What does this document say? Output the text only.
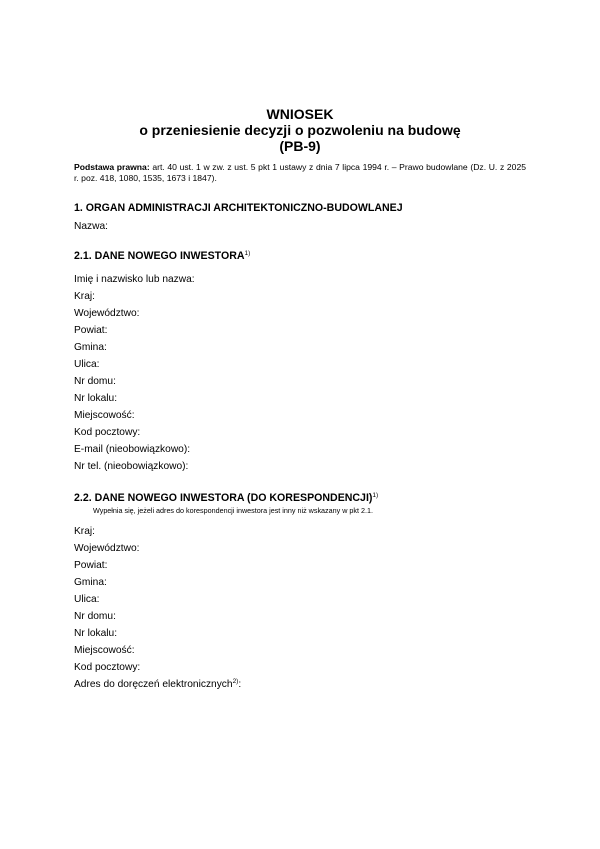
WNIOSEK
o przeniesienie decyzji o pozwoleniu na budowę
(PB-9)
Podstawa prawna: art. 40 ust. 1 w zw. z ust. 5 pkt 1 ustawy z dnia 7 lipca 1994 r. – Prawo budowlane (Dz. U. z 2025 r. poz. 418, 1080, 1535, 1673 i 1847).
1. ORGAN ADMINISTRACJI ARCHITEKTONICZNO-BUDOWLANEJ
Nazwa:
2.1. DANE NOWEGO INWESTORA$^{1)}$
Imię i nazwisko lub nazwa:
Kraj:
Województwo:
Powiat:
Gmina:
Ulica:
Nr domu:
Nr lokalu:
Miejscowość:
Kod pocztowy:
E-mail (nieobowiązkowo):
Nr tel. (nieobowiązkowo):
2.2. DANE NOWEGO INWESTORA (DO KORESPONDENCJI)$^{1)}$
Wypełnia się, jeżeli adres do korespondencji inwestora jest inny niż wskazany w pkt 2.1.
Kraj:
Województwo:
Powiat:
Gmina:
Ulica:
Nr domu:
Nr lokalu:
Miejscowość:
Kod pocztowy:
Adres do doręczeń elektronicznych$^{2)}$:
